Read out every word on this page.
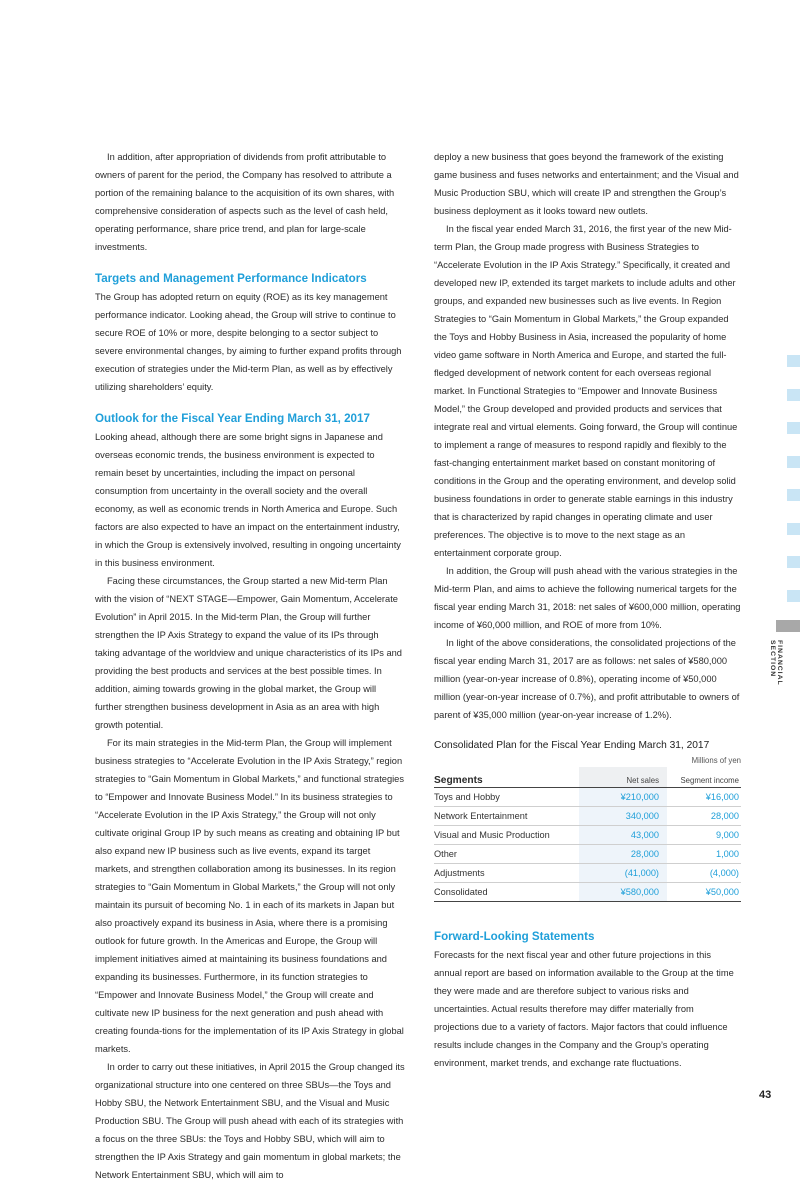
In addition, after appropriation of dividends from profit attributable to owners of parent for the period, the Company has resolved to attribute a portion of the remaining balance to the acquisition of its own shares, with comprehensive consideration of aspects such as the level of cash held, operating performance, share price trend, and plan for large-scale investments.

Targets and Management Performance Indicators

The Group has adopted return on equity (ROE) as its key management performance indicator. Looking ahead, the Group will strive to continue to secure ROE of 10% or more, despite belonging to a sector subject to severe environmental changes, by aiming to further expand profits through execution of strategies under the Mid-term Plan, as well as by effectively utilizing shareholders’ equity.

Outlook for the Fiscal Year Ending March 31, 2017

Looking ahead, although there are some bright signs in Japanese and overseas economic trends, the business environment is expected to remain beset by uncertainties, including the impact on personal consumption from uncertainty in the overall society and the overall economy, as well as economic trends in North America and Europe. Such factors are also expected to have an impact on the entertainment industry, in which the Group is extensively involved, resulting in ongoing uncertainty in this business environment.

Facing these circumstances, the Group started a new Mid-term Plan with the vision of “NEXT STAGE—Empower, Gain Momentum, Accelerate Evolution” in April 2015. In the Mid-term Plan, the Group will further strengthen the IP Axis Strategy to expand the value of its IPs through taking advantage of the worldview and unique characteristics of its IPs and providing the best products and services at the best possible times. In addition, aiming towards growing in the global market, the Group will further strengthen business development in Asia as an area with high growth potential.

For its main strategies in the Mid-term Plan, the Group will implement business strategies to “Accelerate Evolution in the IP Axis Strategy,” region strategies to “Gain Momentum in Global Markets,” and functional strategies to “Empower and Innovate Business Model.” In its business strategies to “Accelerate Evolution in the IP Axis Strategy,” the Group will not only cultivate original Group IP by such means as creating and obtaining IP but also expand new IP business such as live events, expand its target markets, and strengthen collaboration among its businesses. In its region strategies to “Gain Momentum in Global Markets,” the Group will not only maintain its pursuit of becoming No. 1 in each of its markets in Japan but also proactively expand its business in Asia, where there is a promising outlook for future growth. In the Americas and Europe, the Group will implement initiatives aimed at maintaining its business foundations and expanding its businesses. Furthermore, in its function strategies to “Empower and Innovate Business Model,” the Group will create and cultivate new IP business for the next generation and push ahead with creating founda-tions for the implementation of its IP Axis Strategy in global markets.

In order to carry out these initiatives, in April 2015 the Group changed its organizational structure into one centered on three SBUs—the Toys and Hobby SBU, the Network Entertainment SBU, and the Visual and Music Production SBU. The Group will push ahead with each of its strategies with a focus on the three SBUs: the Toys and Hobby SBU, which will aim to strengthen the IP Axis Strategy and gain momentum in global markets; the Network Entertainment SBU, which will aim to

deploy a new business that goes beyond the framework of the existing game business and fuses networks and entertainment; and the Visual and Music Production SBU, which will create IP and strengthen the Group’s business deployment as it looks toward new outlets.

In the fiscal year ended March 31, 2016, the first year of the new Mid-term Plan, the Group made progress with Business Strategies to “Accelerate Evolution in the IP Axis Strategy.” Specifically, it created and developed new IP, extended its target markets to include adults and other groups, and expanded new businesses such as live events. In Region Strategies to “Gain Momentum in Global Markets,” the Group expanded the Toys and Hobby Business in Asia, increased the popularity of home video game software in North America and Europe, and started the full-fledged development of network content for each overseas regional market. In Functional Strategies to “Empower and Innovate Business Model,” the Group developed and provided products and services that integrate real and virtual elements. Going forward, the Group will continue to implement a range of measures to respond rapidly and flexibly to the fast-changing entertainment market based on constant monitoring of conditions in the Group and the operating environment, and develop solid business foundations in order to generate stable earnings in this industry that is characterized by rapid changes in operating climate and user preferences. The objective is to move to the next stage as an entertainment corporate group.

In addition, the Group will push ahead with the various strategies in the Mid-term Plan, and aims to achieve the following numerical targets for the fiscal year ending March 31, 2018: net sales of ¥600,000 million, operating income of ¥60,000 million, and ROE of more from 10%.

In light of the above considerations, the consolidated projections of the fiscal year ending March 31, 2017 are as follows: net sales of ¥580,000 million (year-on-year increase of 0.8%), operating income of ¥50,000 million (year-on-year increase of 0.7%), and profit attributable to owners of parent of ¥35,000 million (year-on-year increase of 1.2%).

Consolidated Plan for the Fiscal Year Ending March 31, 2017
Millions of yen		
Segments	Net sales	Segment income
Toys and Hobby	¥210,000	¥16,000
Network Entertainment	340,000	28,000
Visual and Music Production	43,000	9,000
Other	28,000	1,000
Adjustments	(41,000)	(4,000)
Consolidated	¥580,000	¥50,000
Forward-Looking Statements

Forecasts for the next fiscal year and other future projections in this annual report are based on information available to the Group at the time they were made and are therefore subject to various risks and uncertainties. Actual results therefore may differ materially from projections due to a variety of factors. Major factors that could influence results include changes in the Company and the Group’s operating environment, market trends, and exchange rate fluctuations.

FINANCIAL SECTION
43
